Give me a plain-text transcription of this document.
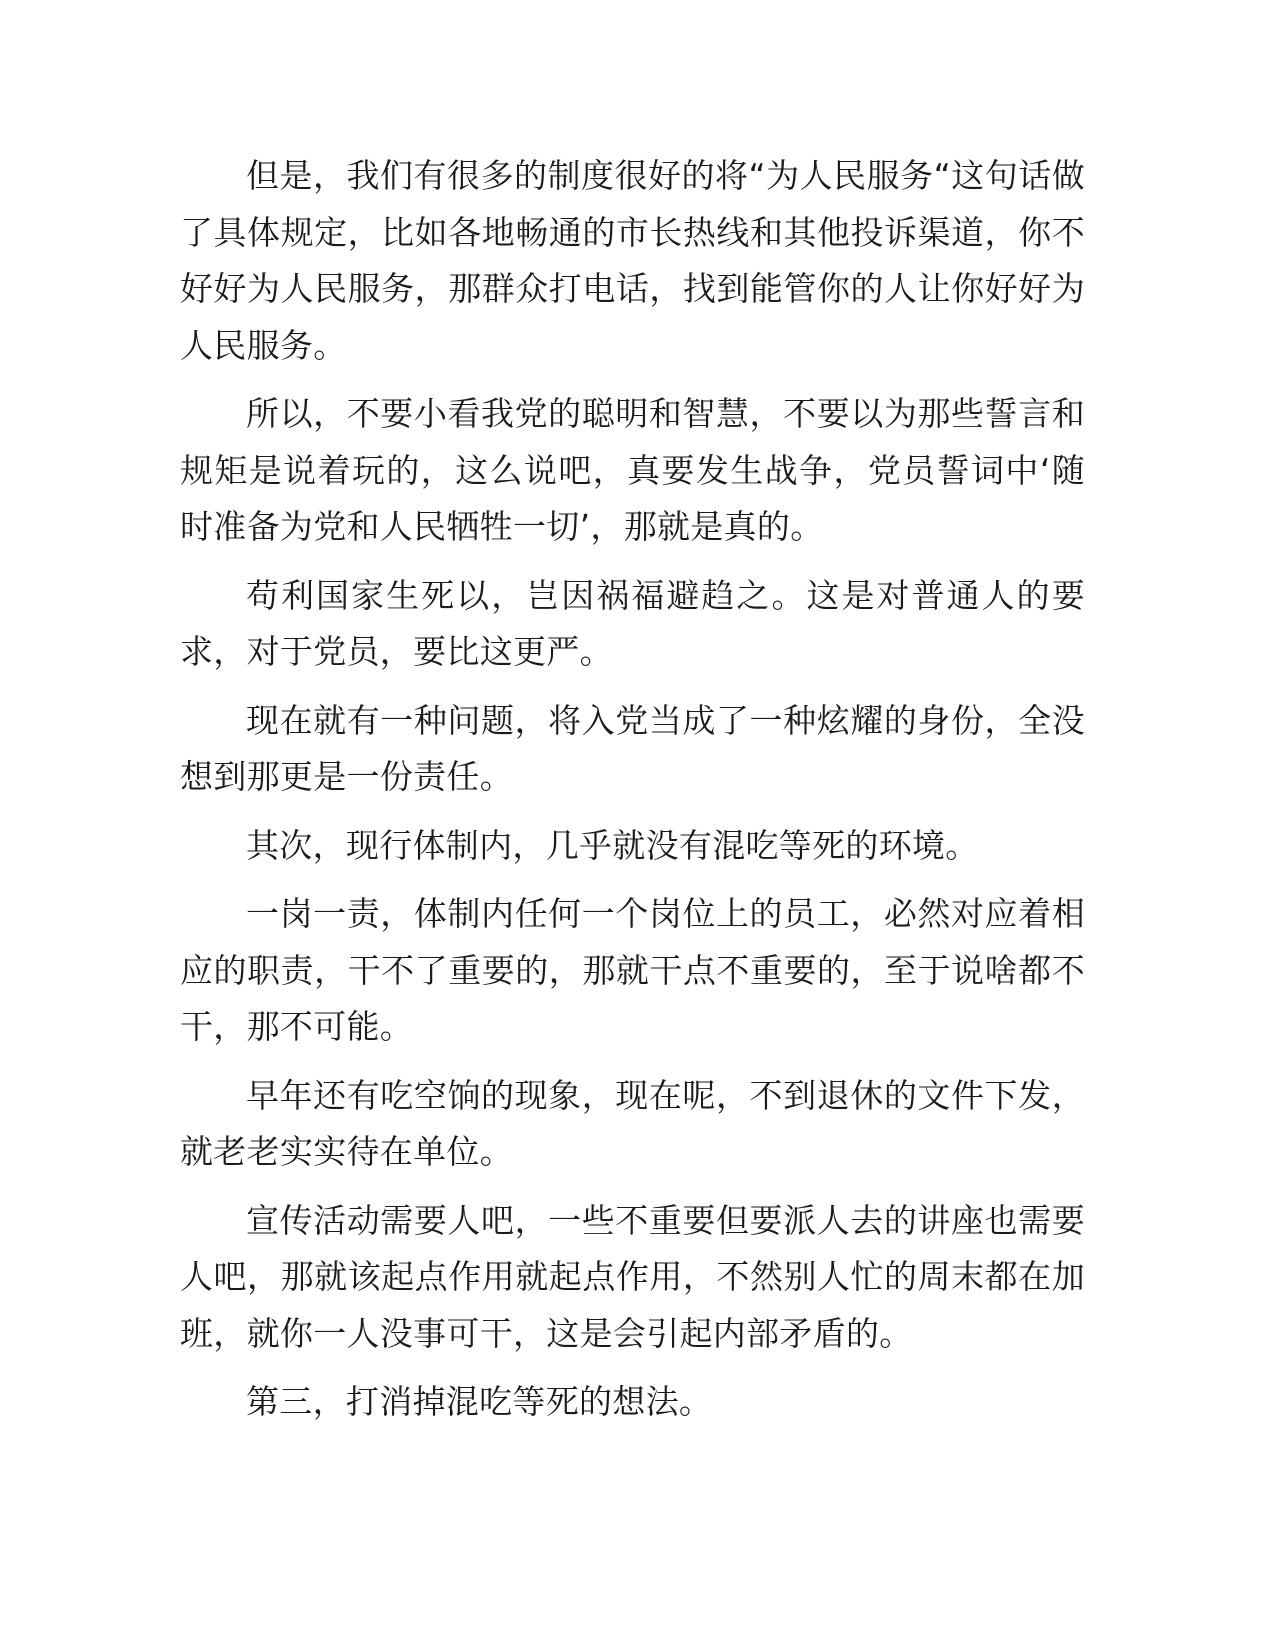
但是，我们有很多的制度很好的将“为人民服务“这句话做了具体规定，比如各地畅通的市长热线和其他投诉渠道，你不好好为人民服务，那群众打电话，找到能管你的人让你好好为人民服务。

所以，不要小看我党的聪明和智慧，不要以为那些誓言和规矩是说着玩的，这么说吧，真要发生战争，党员誓词中‘随时准备为党和人民牺牲一切’，那就是真的。

苟利国家生死以，岂因祸福避趋之。这是对普通人的要求，对于党员，要比这更严。

现在就有一种问题，将入党当成了一种炫耀的身份，全没想到那更是一份责任。

其次，现行体制内，几乎就没有混吃等死的环境。

一岗一责，体制内任何一个岗位上的员工，必然对应着相应的职责，干不了重要的，那就干点不重要的，至于说啥都不干，那不可能。

早年还有吃空饷的现象，现在呢，不到退休的文件下发，就老老实实待在单位。

宣传活动需要人吧，一些不重要但要派人去的讲座也需要人吧，那就该起点作用就起点作用，不然别人忙的周末都在加班，就你一人没事可干，这是会引起内部矛盾的。

第三，打消掉混吃等死的想法。
